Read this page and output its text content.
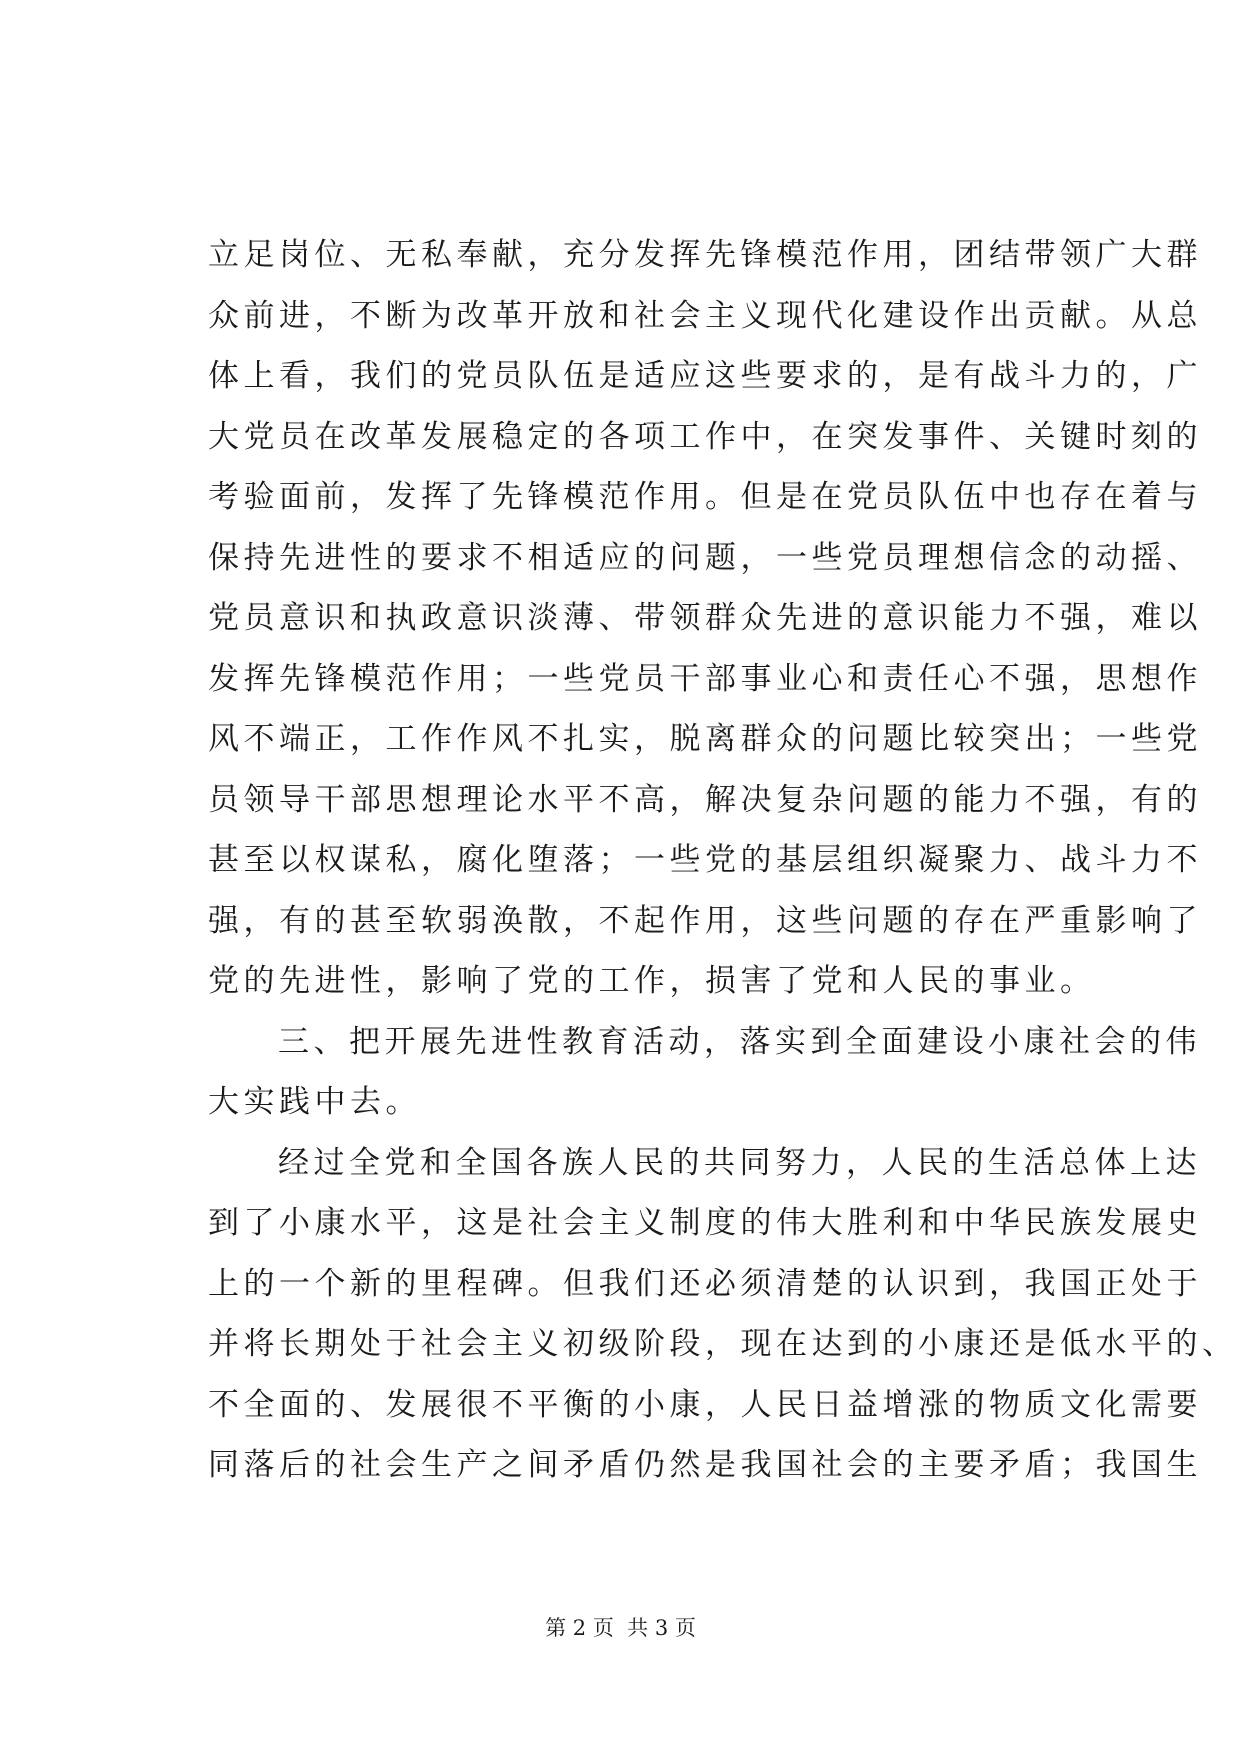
立足岗位、无私奉献，充分发挥先锋模范作用，团结带领广大群
众前进，不断为改革开放和社会主义现代化建设作出贡献。从总
体上看，我们的党员队伍是适应这些要求的，是有战斗力的，广
大党员在改革发展稳定的各项工作中，在突发事件、关键时刻的
考验面前，发挥了先锋模范作用。但是在党员队伍中也存在着与
保持先进性的要求不相适应的问题，一些党员理想信念的动摇、
党员意识和执政意识淡薄、带领群众先进的意识能力不强，难以
发挥先锋模范作用；一些党员干部事业心和责任心不强，思想作
风不端正，工作作风不扎实，脱离群众的问题比较突出；一些党
员领导干部思想理论水平不高，解决复杂问题的能力不强，有的
甚至以权谋私，腐化堕落；一些党的基层组织凝聚力、战斗力不
强，有的甚至软弱涣散，不起作用，这些问题的存在严重影响了
党的先进性，影响了党的工作，损害了党和人民的事业。
三、把开展先进性教育活动，落实到全面建设小康社会的伟
大实践中去。
经过全党和全国各族人民的共同努力，人民的生活总体上达
到了小康水平，这是社会主义制度的伟大胜利和中华民族发展史
上的一个新的里程碑。但我们还必须清楚的认识到，我国正处于
并将长期处于社会主义初级阶段，现在达到的小康还是低水平的、
不全面的、发展很不平衡的小康，人民日益增涨的物质文化需要
同落后的社会生产之间矛盾仍然是我国社会的主要矛盾；我国生
第 2 页  共 3 页
